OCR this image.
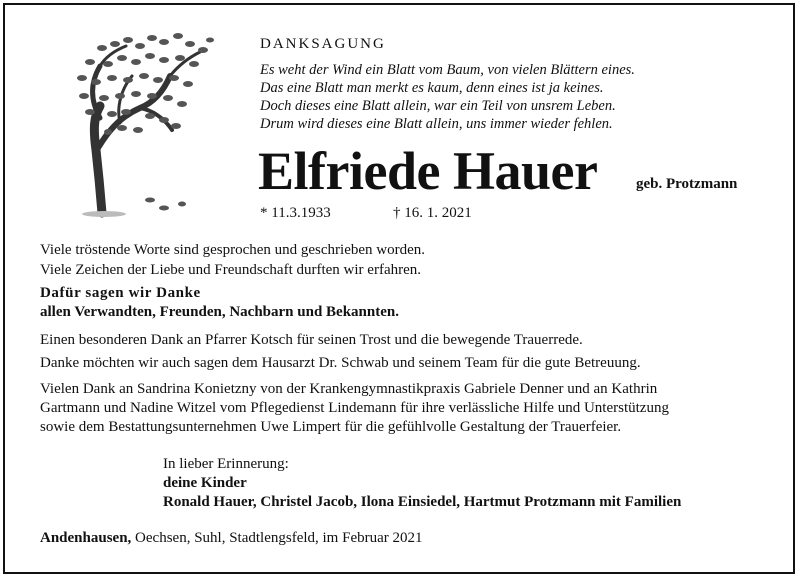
DANKSAGUNG
Es weht der Wind ein Blatt vom Baum, von vielen Blättern eines.
Das eine Blatt man merkt es kaum, denn eines ist ja keines.
Doch dieses eine Blatt allein, war ein Teil von unsrem Leben.
Drum wird dieses eine Blatt allein, uns immer wieder fehlen.
Elfriede Hauer	geb. Protzmann
* 11.3.1933	† 16. 1. 2021
Viele tröstende Worte sind gesprochen und geschrieben worden.
Viele Zeichen der Liebe und Freundschaft durften wir erfahren.
Dafür sagen wir Danke
allen Verwandten, Freunden, Nachbarn und Bekannten.
Einen besonderen Dank an Pfarrer Kotsch für seinen Trost und die bewegende Trauerrede.
Danke möchten wir auch sagen dem Hausarzt Dr. Schwab und seinem Team für die gute Betreuung.
Vielen Dank an Sandrina Konietzny von der Krankengymnastikpraxis Gabriele Denner und an Kathrin
Gartmann und Nadine Witzel vom Pflegedienst Lindemann für ihre verlässliche Hilfe und Unterstützung
sowie dem Bestattungsunternehmen Uwe Limpert für die gefühlvolle Gestaltung der Trauerfeier.
In lieber Erinnerung:
deine Kinder
Ronald Hauer, Christel Jacob, Ilona Einsiedel, Hartmut Protzmann mit Familien
Andenhausen, Oechsen, Suhl, Stadtlengsfeld, im Februar 2021
